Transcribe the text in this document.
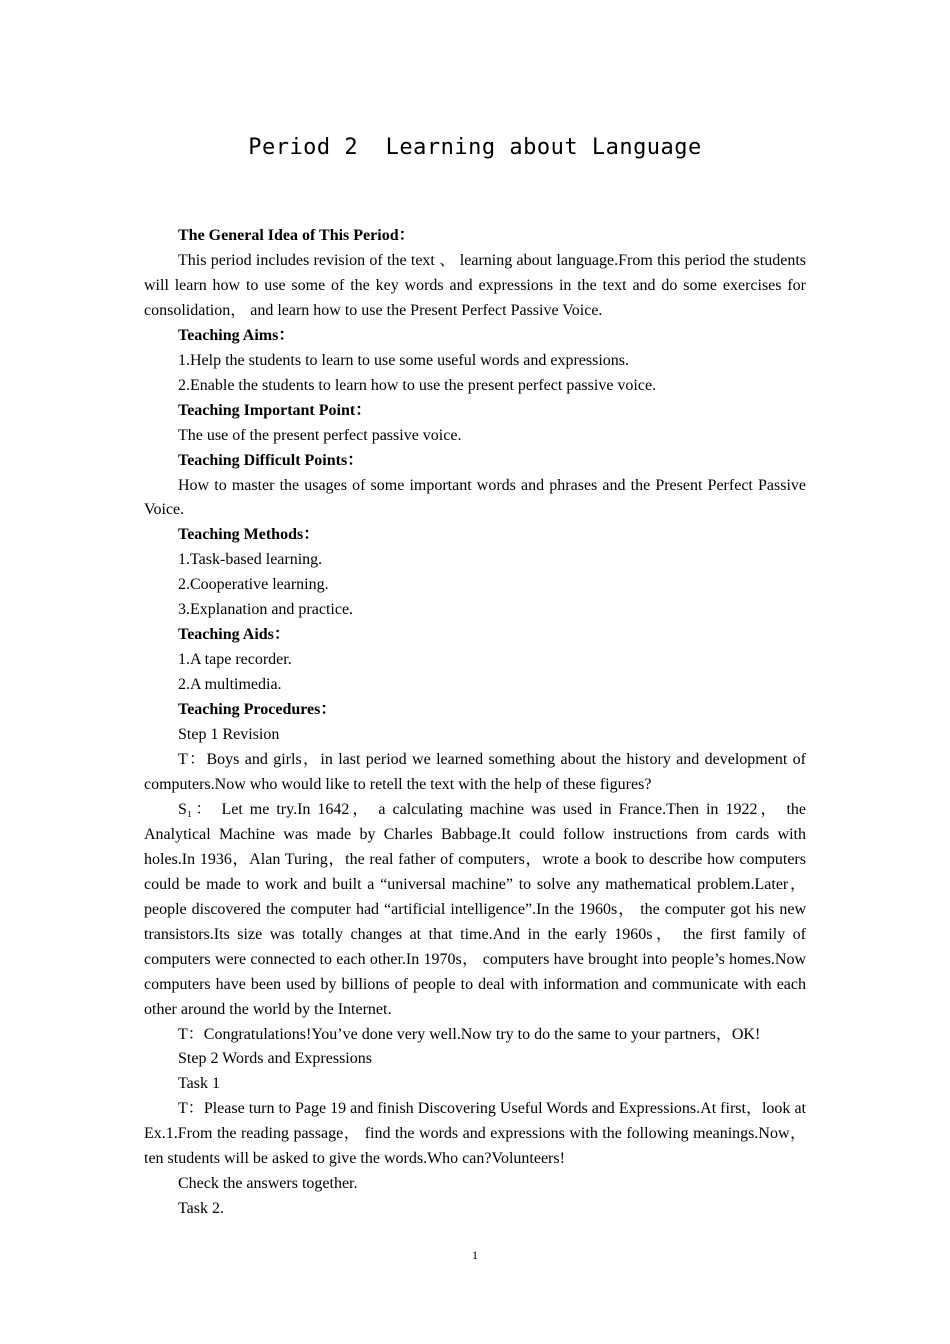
Period 2  Learning about Language

The General Idea of This Period：

This period includes revision of the text 、 learning about language.From this period the students will learn how to use some of the key words and expressions in the text and do some exercises for consolidation， and learn how to use the Present Perfect Passive Voice.

Teaching Aims：

1.Help the students to learn to use some useful words and expressions.

2.Enable the students to learn how to use the present perfect passive voice.

Teaching Important Point：

The use of the present perfect passive voice.

Teaching Difficult Points：

How to master the usages of some important words and phrases and the Present Perfect Passive Voice.

Teaching Methods：

1.Task-based learning.

2.Cooperative learning.

3.Explanation and practice.

Teaching Aids：

1.A tape recorder.

2.A multimedia.

Teaching Procedures：

Step 1 Revision

T：Boys and girls，in last period we learned something about the history and development of computers.Now who would like to retell the text with the help of these figures?

S₁： Let me try.In 1642， a calculating machine was used in France.Then in 1922， the Analytical Machine was made by Charles Babbage.It could follow instructions from cards with holes.In 1936，Alan Turing，the real father of computers，wrote a book to describe how computers could be made to work and built a “universal machine” to solve any mathematical problem.Later， people discovered the computer had “artificial intelligence”.In the 1960s， the computer got his new transistors.Its size was totally changes at that time.And in the early 1960s， the first family of computers were connected to each other.In 1970s， computers have brought into people’s homes.Now computers have been used by billions of people to deal with information and communicate with each other around the world by the Internet.

T：Congratulations!You’ve done very well.Now try to do the same to your partners，OK!

Step 2 Words and Expressions

Task 1

T：Please turn to Page 19 and finish Discovering Useful Words and Expressions.At first，look at Ex.1.From the reading passage， find the words and expressions with the following meanings.Now，ten students will be asked to give the words.Who can?Volunteers!

Check the answers together.

Task 2.

1
